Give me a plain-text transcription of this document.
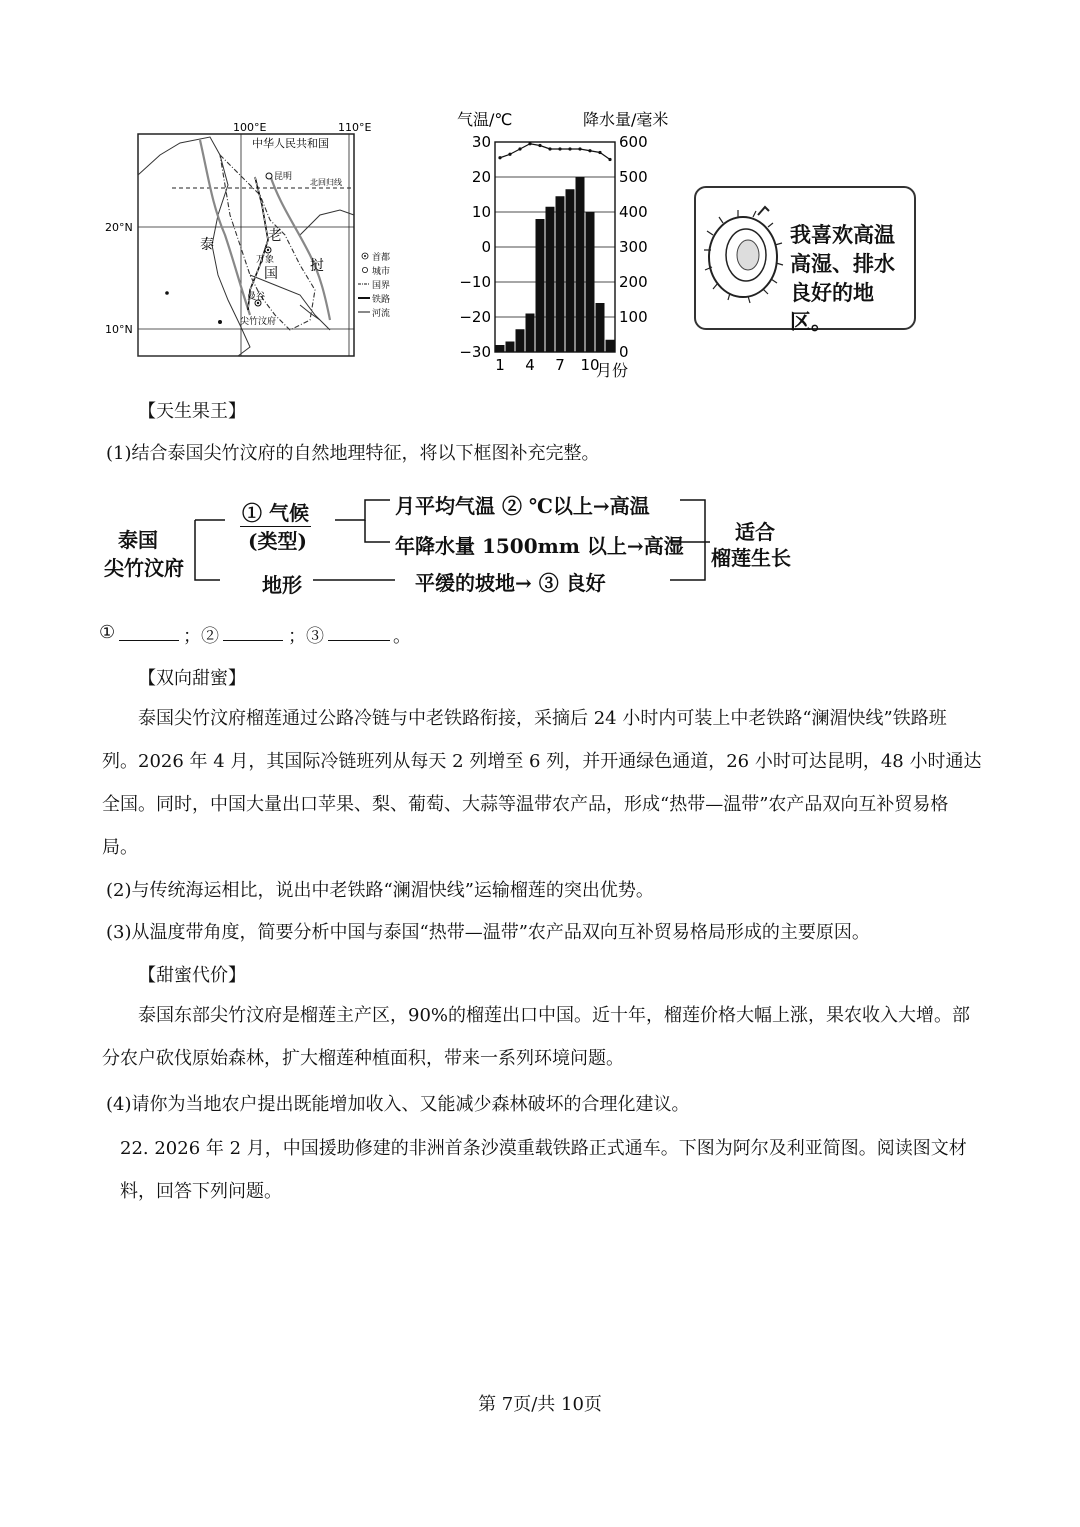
100°E	110°E
20°N
10°N
中华人民共和国
昆明
北回归线
泰
国
老
挝
万象
曼谷
尖竹汶府
首都
城市
国界
铁路
河流
气温/℃	降水量/毫米
30
20
10
0
−10
−20
−30
600
500
400
300
200
100
0
1 4 7 10
月份
我喜欢高温高湿、排水良好的地区。
【天生果王】
(1)结合泰国尖竹汶府的自然地理特征，将以下框图补充完整。
泰国
尖竹汶府
① 气候
(类型)
月平均气温 ② ℃以上→高温
年降水量 1500mm 以上→高湿
地形	平缓的坡地→ ③ 良好
适合
榴莲生长
①	；②	；③	。
【双向甜蜜】
泰国尖竹汶府榴莲通过公路冷链与中老铁路衔接，采摘后 24 小时内可装上中老铁路“澜湄快线”铁路班列。2026 年 4 月，其国际冷链班列从每天 2 列增至 6 列，并开通绿色通道，26 小时可达昆明，48 小时通达全国。同时，中国大量出口苹果、梨、葡萄、大蒜等温带农产品，形成“热带—温带”农产品双向互补贸易格局。
(2)与传统海运相比，说出中老铁路“澜湄快线”运输榴莲的突出优势。
(3)从温度带角度，简要分析中国与泰国“热带—温带”农产品双向互补贸易格局形成的主要原因。
【甜蜜代价】
泰国东部尖竹汶府是榴莲主产区，90%的榴莲出口中国。近十年，榴莲价格大幅上涨，果农收入大增。部分农户砍伐原始森林，扩大榴莲种植面积，带来一系列环境问题。
(4)请你为当地农户提出既能增加收入、又能减少森林破坏的合理化建议。
22. 2026 年 2 月，中国援助修建的非洲首条沙漠重载铁路正式通车。下图为阿尔及利亚简图。阅读图文材料，回答下列问题。
第 7页/共 10页
